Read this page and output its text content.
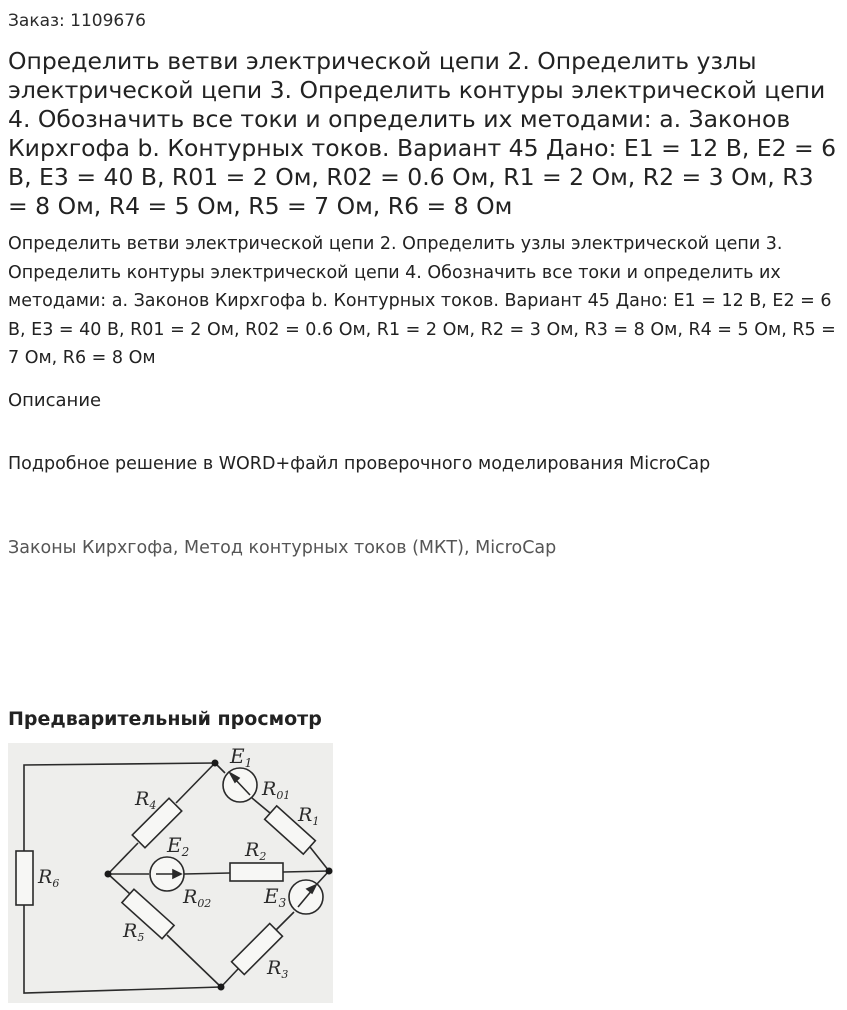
Заказ: 1109676
Определить ветви электрической цепи 2. Определить узлы электрической цепи 3. Определить контуры электрической цепи 4. Обозначить все токи и определить их методами: а. Законов Кирхгофа b. Контурных токов. Вариант 45 Дано: E1 = 12 В, E2 = 6 В, E3 = 40 В, R01 = 2 Ом, R02 = 0.6 Ом, R1 = 2 Ом, R2 = 3 Ом, R3 = 8 Ом, R4 = 5 Ом, R5 = 7 Ом, R6 = 8 Ом

Определить ветви электрической цепи 2. Определить узлы электрической цепи 3. Определить контуры электрической цепи 4. Обозначить все токи и определить их методами: а. Законов Кирхгофа b. Контурных токов. Вариант 45 Дано: E1 = 12 В, E2 = 6 В, E3 = 40 В, R01 = 2 Ом, R02 = 0.6 Ом, R1 = 2 Ом, R2 = 3 Ом, R3 = 8 Ом, R4 = 5 Ом, R5 = 7 Ом, R6 = 8 Ом

Описание
Подробное решение в WORD+файл проверочного моделирования MicroCap
Законы Кирхгофа, Метод контурных токов (МКТ), MicroCap
Предварительный просмотр
$E_1$
$R_{01}$
$R_1$
$R_4$
$E_2$	$R_2$
$R_{02}$	$E_3$
$R_6$
$R_5$
$R_3$
